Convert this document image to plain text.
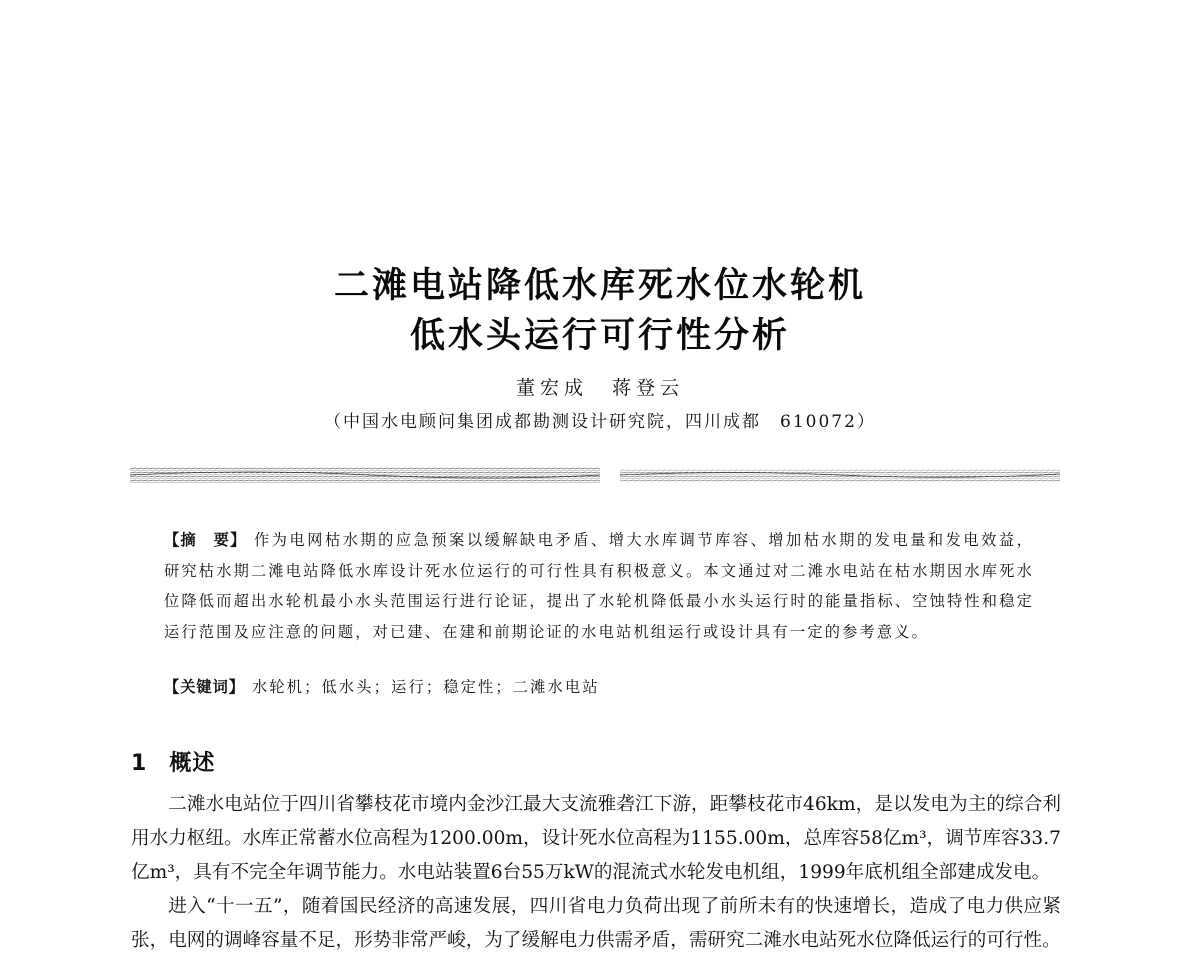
二滩电站降低水库死水位水轮机
低水头运行可行性分析
董宏成　蒋登云
（中国水电顾问集团成都勘测设计研究院，四川成都　610072）
【摘　要】 作为电网枯水期的应急预案以缓解缺电矛盾、增大水库调节库容、增加枯水期的发电量和发电效益，研究枯水期二滩电站降低水库设计死水位运行的可行性具有积极意义。本文通过对二滩水电站在枯水期因水库死水位降低而超出水轮机最小水头范围运行进行论证，提出了水轮机降低最小水头运行时的能量指标、空蚀特性和稳定运行范围及应注意的问题，对已建、在建和前期论证的水电站机组运行或设计具有一定的参考意义。
【关键词】 水轮机；低水头；运行；稳定性；二滩水电站
1 概述

二滩水电站位于四川省攀枝花市境内金沙江最大支流雅砻江下游，距攀枝花市46km，是以发电为主的综合利用水力枢纽。水库正常蓄水位高程为1200.00m，设计死水位高程为1155.00m，总库容58亿m³，调节库容33.7亿m³，具有不完全年调节能力。水电站装置6台55万kW的混流式水轮发电机组，1999年底机组全部建成发电。

进入“十一五”，随着国民经济的高速发展，四川省电力负荷出现了前所未有的快速增长，造成了电力供应紧张，电网的调峰容量不足，形势非常严峻，为了缓解电力供需矛盾，需研究二滩水电站死水位降低运行的可行性。
